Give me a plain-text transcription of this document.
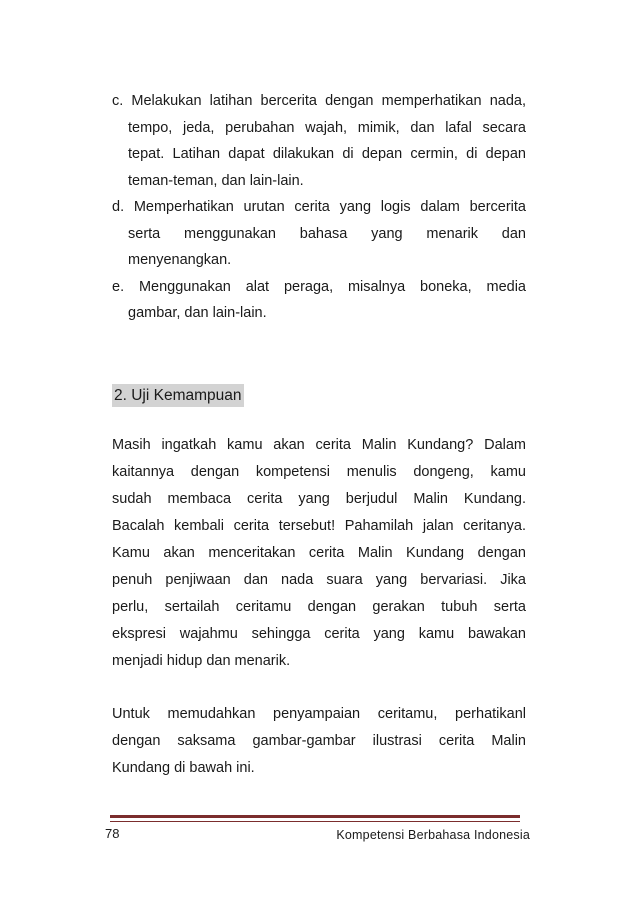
c. Melakukan latihan bercerita dengan memperhatikan nada,
tempo, jeda, perubahan wajah, mimik, dan lafal secara
tepat. Latihan dapat dilakukan di depan cermin, di depan
teman-teman, dan lain-lain.
d. Memperhatikan urutan cerita yang logis dalam bercerita
serta menggunakan bahasa yang menarik dan
menyenangkan.
e. Menggunakan alat peraga, misalnya boneka, media
gambar, dan lain-lain.
2. Uji Kemampuan

Masih ingatkah kamu akan cerita Malin Kundang? Dalam
kaitannya dengan kompetensi menulis dongeng, kamu
sudah membaca cerita yang berjudul Malin Kundang.
Bacalah kembali cerita tersebut! Pahamilah jalan ceritanya.
Kamu akan menceritakan cerita Malin Kundang dengan
penuh penjiwaan dan nada suara yang bervariasi. Jika
perlu, sertailah ceritamu dengan gerakan tubuh serta
ekspresi wajahmu sehingga cerita yang kamu bawakan
menjadi hidup dan menarik.

Untuk memudahkan penyampaian ceritamu, perhatikanl
dengan saksama gambar-gambar ilustrasi cerita Malin
Kundang di bawah ini.

78	Kompetensi Berbahasa Indonesia
